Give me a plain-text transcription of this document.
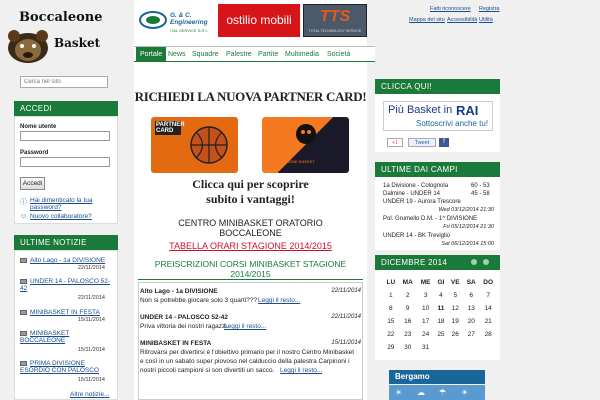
Boccaleone
Basket
Cerca nel sito
ACCEDI
Nome utente
Password
Accedi
ⓘ Hai dimenticato la tua password?
☺ Nuovo collaboratore?
ULTIME NOTIZIE
Alto Lago - 1a DIVISIONE
22/11/2014
UNDER 14 - PALOSCO 52-42
22/11/2014
MINIBASKET IN FESTA
15/11/2014
MINIBASKET BOCCALEONE
15/11/2014
PRIMA DIVISIONE ESORDIO CON PALOSCO
15/11/2014
Altre notizie...
G. & C. Engineering
ITAL SERVICE S.R.L.
ostilio mobili	TTS
TOTAL TECHNOLOGY SERVICE
Portale News Squadre Palestre Partite Multimedia Società
RICHIEDI LA NUOVA PARTNER CARD!
PARTNER CARD
BOCCALEONE BASKET
Clicca qui per scoprire
subito i vantaggi!
CENTRO MINIBASKET ORATORIO BOCCALEONE
TABELLA ORARI STAGIONE 2014/2015
PREISCRIZIONI CORSI MINIBASKET STAGIONE 2014/2015
Alto Lago - 1a DIVISIONE	22/11/2014
Non si potrebbe giocare solo 3 quarti??? Leggi il resto...
UNDER 14 - PALOSCO 52-42	22/11/2014
Priva vittoria dei nostri ragazzi.
Leggi il resto...
MINIBASKET IN FESTA	15/11/2014
Ritrovarsi per divertirsi è l'obiettivo primario per il nostro Centro Minibasket
e così in un sabato super piovoso nel calduccio della palestra Carpinoni i
nostri piccoli campioni si son divertiti un sacco. Leggi il resto...
Fatti riconoscere Registra
Mappa del sito Accessibilità Utilità
CLICCA QUI!
Più Basket in RAI
Sottoscrivi anche tu!
+1	Tweet	f
ULTIME DAI CAMPI
1a Divisione - Colognola	60 - 53
Dalmine - UNDER 14	45 - 58
UNDER 19 - Aurora Trescore
Wed 03/12/2014 21:30
Pol. Grumello D.M. - 1^ DIVISIONE
Fri 05/12/2014 21:30
UNDER 14 - BK Treviglio
Sat 06/12/2014 15:00
DICEMBRE 2014
LU	MA	ME	GI	VE	SA	DO
1	2	3	4	5	6	7
8	9	10	11	12	13	14
15	16	17	18	19	20	21
22	23	24	25	26	27	28
29	30	31				
Bergamo
☀ ☁ ☂ ☀
